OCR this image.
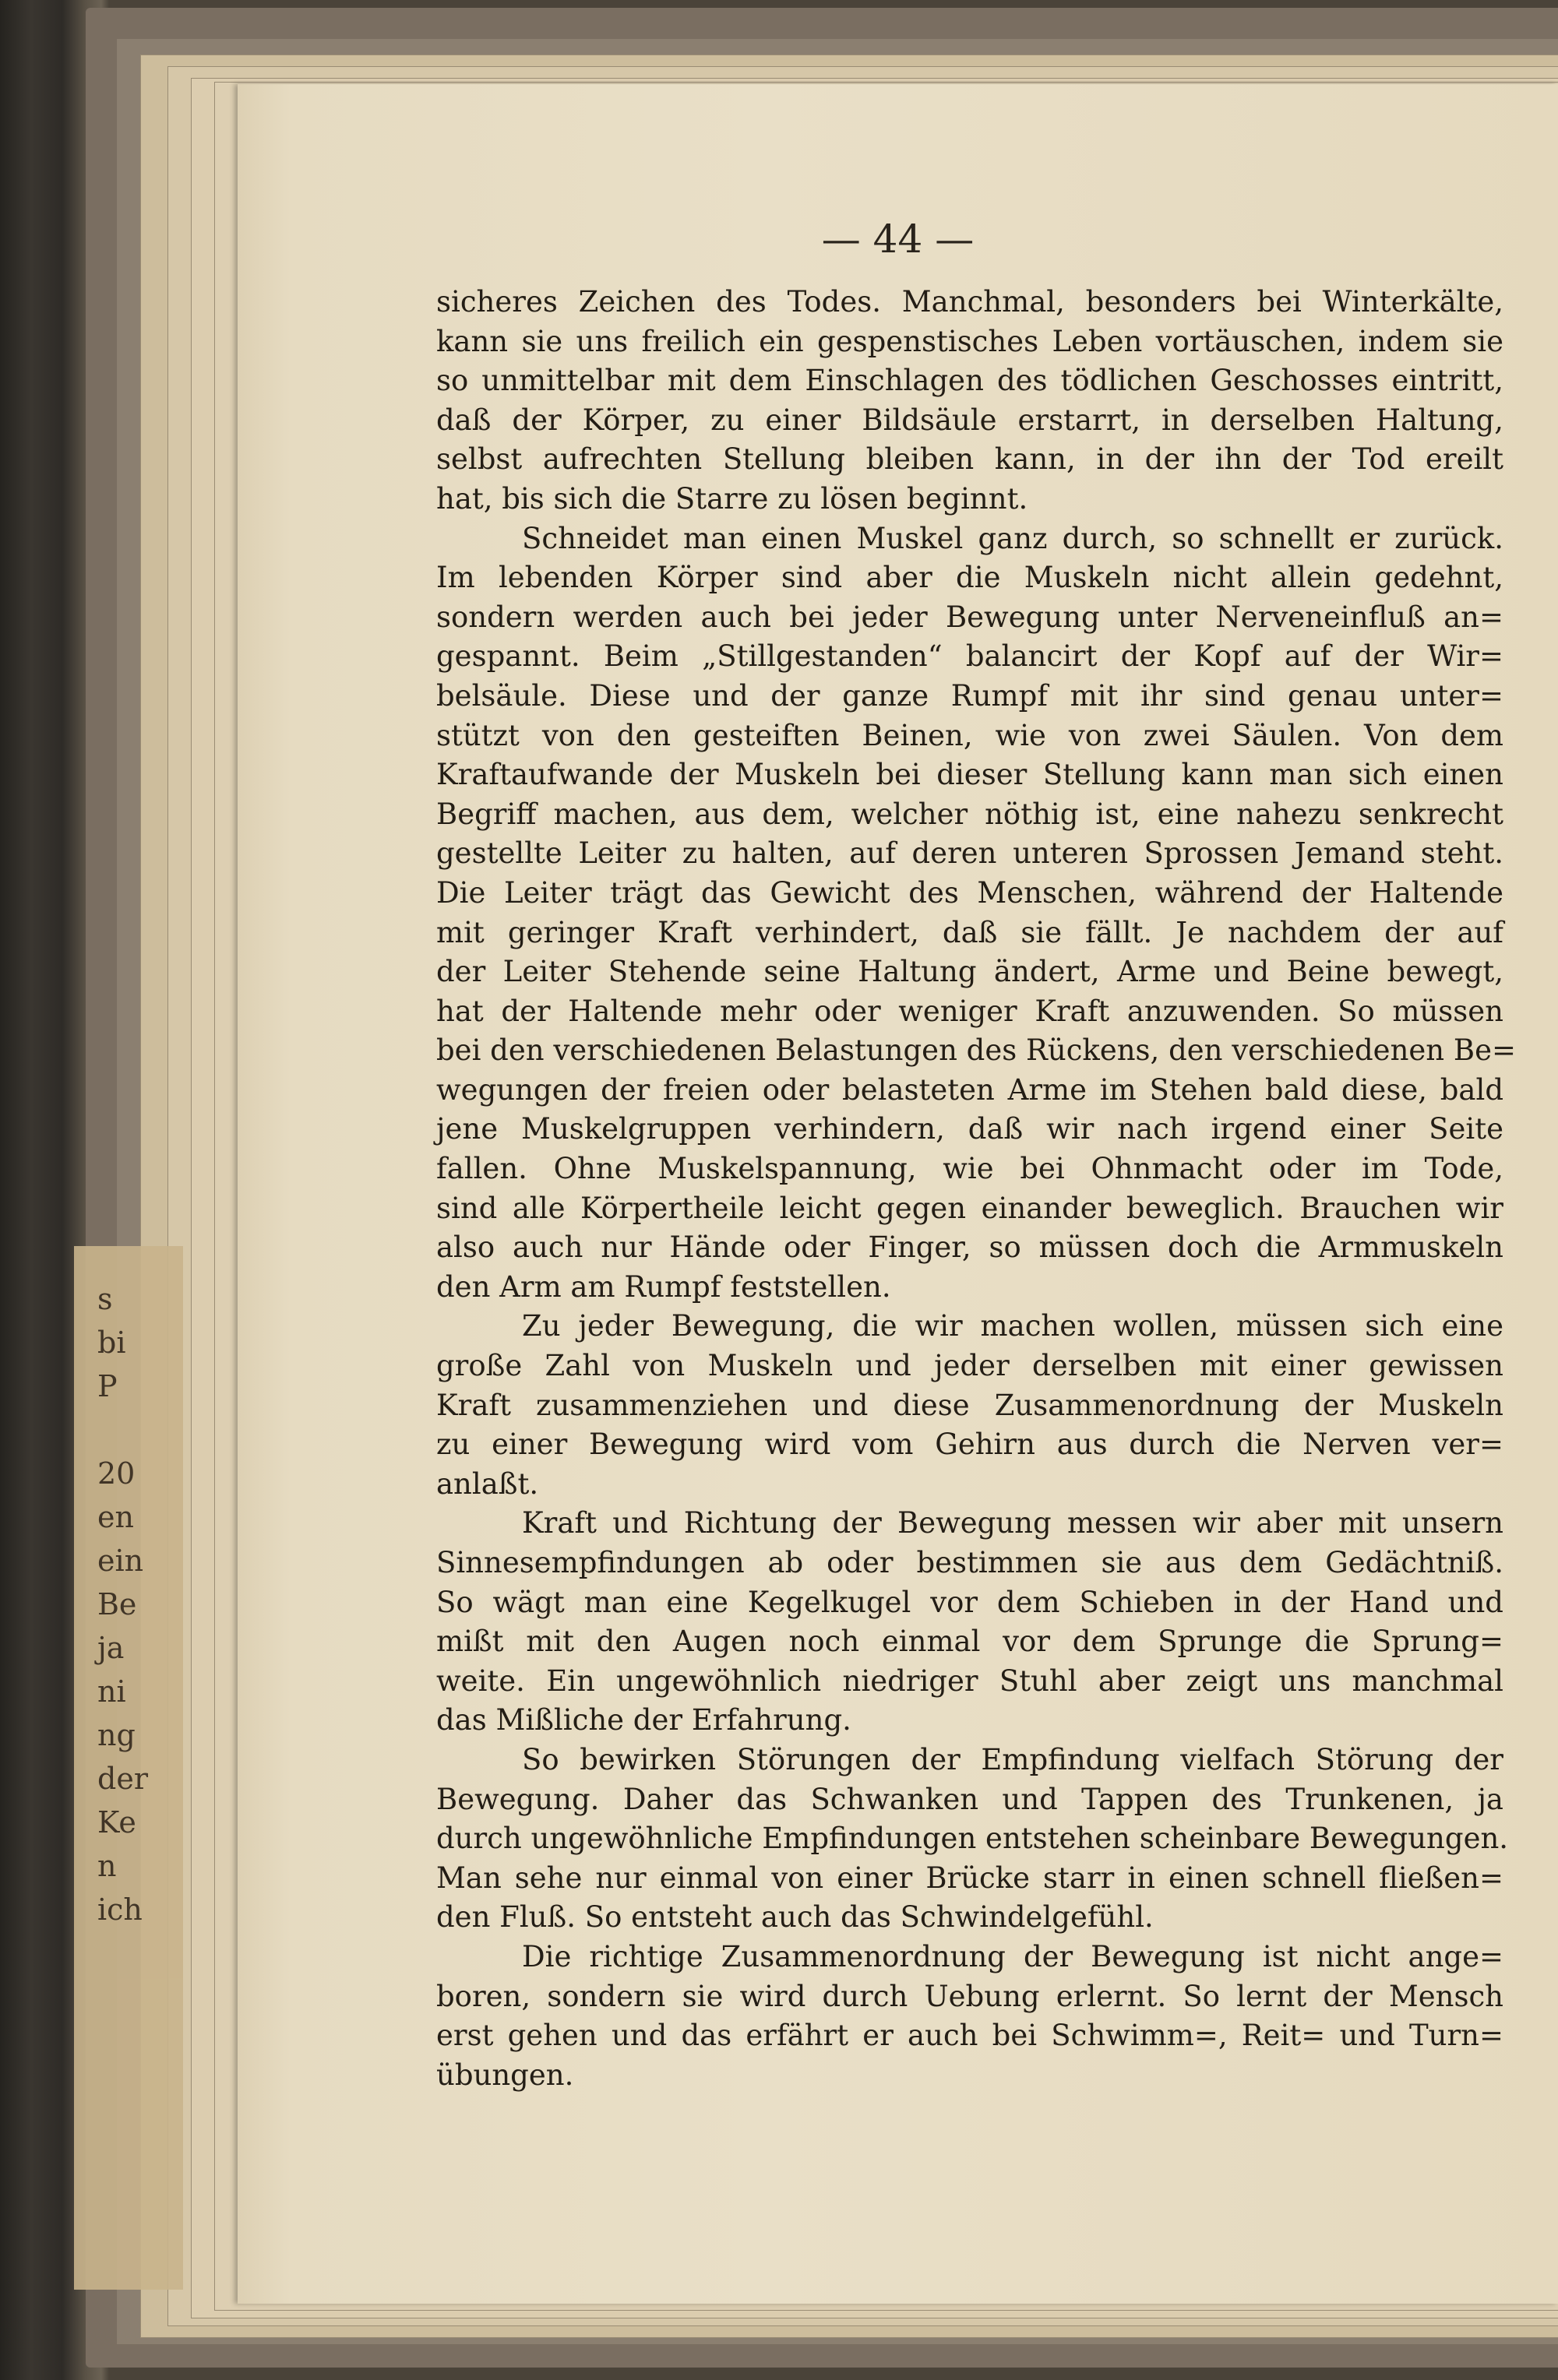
s
bi
P
20
en
ein
Be
ja
ni
ng
der
Ke
n
ich
— 44 —
sicheres Zeichen des Todes. Manchmal, besonders bei Winterkälte,
kann sie uns freilich ein gespenstisches Leben vortäuschen, indem sie
so unmittelbar mit dem Einschlagen des tödlichen Geschosses eintritt,
daß der Körper, zu einer Bildsäule erstarrt, in derselben Haltung,
selbst aufrechten Stellung bleiben kann, in der ihn der Tod ereilt
hat, bis sich die Starre zu lösen beginnt.
Schneidet man einen Muskel ganz durch, so schnellt er zurück.
Im lebenden Körper sind aber die Muskeln nicht allein gedehnt,
sondern werden auch bei jeder Bewegung unter Nerveneinfluß an=
gespannt. Beim „Stillgestanden“ balancirt der Kopf auf der Wir=
belsäule. Diese und der ganze Rumpf mit ihr sind genau unter=
stützt von den gesteiften Beinen, wie von zwei Säulen. Von dem
Kraftaufwande der Muskeln bei dieser Stellung kann man sich einen
Begriff machen, aus dem, welcher nöthig ist, eine nahezu senkrecht
gestellte Leiter zu halten, auf deren unteren Sprossen Jemand steht.
Die Leiter trägt das Gewicht des Menschen, während der Haltende
mit geringer Kraft verhindert, daß sie fällt. Je nachdem der auf
der Leiter Stehende seine Haltung ändert, Arme und Beine bewegt,
hat der Haltende mehr oder weniger Kraft anzuwenden. So müssen
bei den verschiedenen Belastungen des Rückens, den verschiedenen Be=
wegungen der freien oder belasteten Arme im Stehen bald diese, bald
jene Muskelgruppen verhindern, daß wir nach irgend einer Seite
fallen. Ohne Muskelspannung, wie bei Ohnmacht oder im Tode,
sind alle Körpertheile leicht gegen einander beweglich. Brauchen wir
also auch nur Hände oder Finger, so müssen doch die Armmuskeln
den Arm am Rumpf feststellen.
Zu jeder Bewegung, die wir machen wollen, müssen sich eine
große Zahl von Muskeln und jeder derselben mit einer gewissen
Kraft zusammenziehen und diese Zusammenordnung der Muskeln
zu einer Bewegung wird vom Gehirn aus durch die Nerven ver=
anlaßt.
Kraft und Richtung der Bewegung messen wir aber mit unsern
Sinnesempfindungen ab oder bestimmen sie aus dem Gedächtniß.
So wägt man eine Kegelkugel vor dem Schieben in der Hand und
mißt mit den Augen noch einmal vor dem Sprunge die Sprung=
weite. Ein ungewöhnlich niedriger Stuhl aber zeigt uns manchmal
das Mißliche der Erfahrung.
So bewirken Störungen der Empfindung vielfach Störung der
Bewegung. Daher das Schwanken und Tappen des Trunkenen, ja
durch ungewöhnliche Empfindungen entstehen scheinbare Bewegungen.
Man sehe nur einmal von einer Brücke starr in einen schnell fließen=
den Fluß. So entsteht auch das Schwindelgefühl.
Die richtige Zusammenordnung der Bewegung ist nicht ange=
boren, sondern sie wird durch Uebung erlernt. So lernt der Mensch
erst gehen und das erfährt er auch bei Schwimm=, Reit= und Turn=
übungen.
